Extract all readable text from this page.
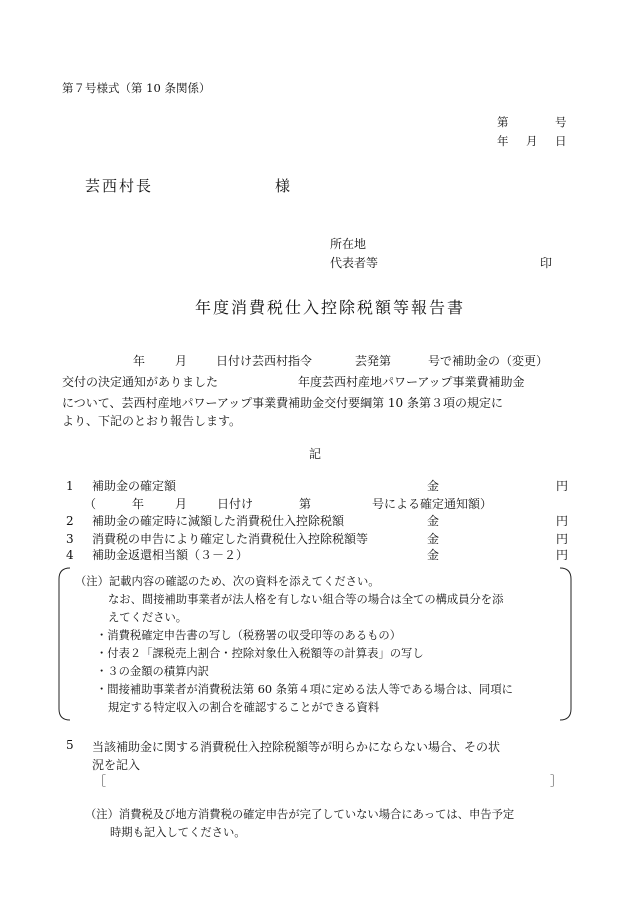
第７号様式（第 10 条関係）
第	号
年 月 日
芸西村長	様
所在地
代表者等	印
年度消費税仕入控除税額等報告書
年 月 日付け芸西村指令	芸発第	号で補助金の（変更）
交付の決定通知がありました	年度芸西村産地パワーアップ事業費補助金
について、芸西村産地パワーアップ事業費補助金交付要綱第 10 条第３項の規定に
より、下記のとおり報告します。
記
1 補助金の確定額	金	円
（	年	月 日付け	第	号による確定通知額）
2 補助金の確定時に減額した消費税仕入控除税額	金	円
3 消費税の申告により確定した消費税仕入控除税額等	金	円
4 補助金返還相当額（３－２）	金	円
（注）記載内容の確認のため、次の資料を添えてください。
なお、間接補助事業者が法人格を有しない組合等の場合は全ての構成員分を添
えてください。
・消費税確定申告書の写し（税務署の収受印等のあるもの）
・付表２「課税売上割合・控除対象仕入税額等の計算表」の写し
・３の金額の積算内訳
・間接補助事業者が消費税法第 60 条第４項に定める法人等である場合は、同項に
規定する特定収入の割合を確認することができる資料
5 当該補助金に関する消費税仕入控除税額等が明らかにならない場合、その状
況を記入
［	］
（注）消費税及び地方消費税の確定申告が完了していない場合にあっては、申告予定
時期も記入してください。
